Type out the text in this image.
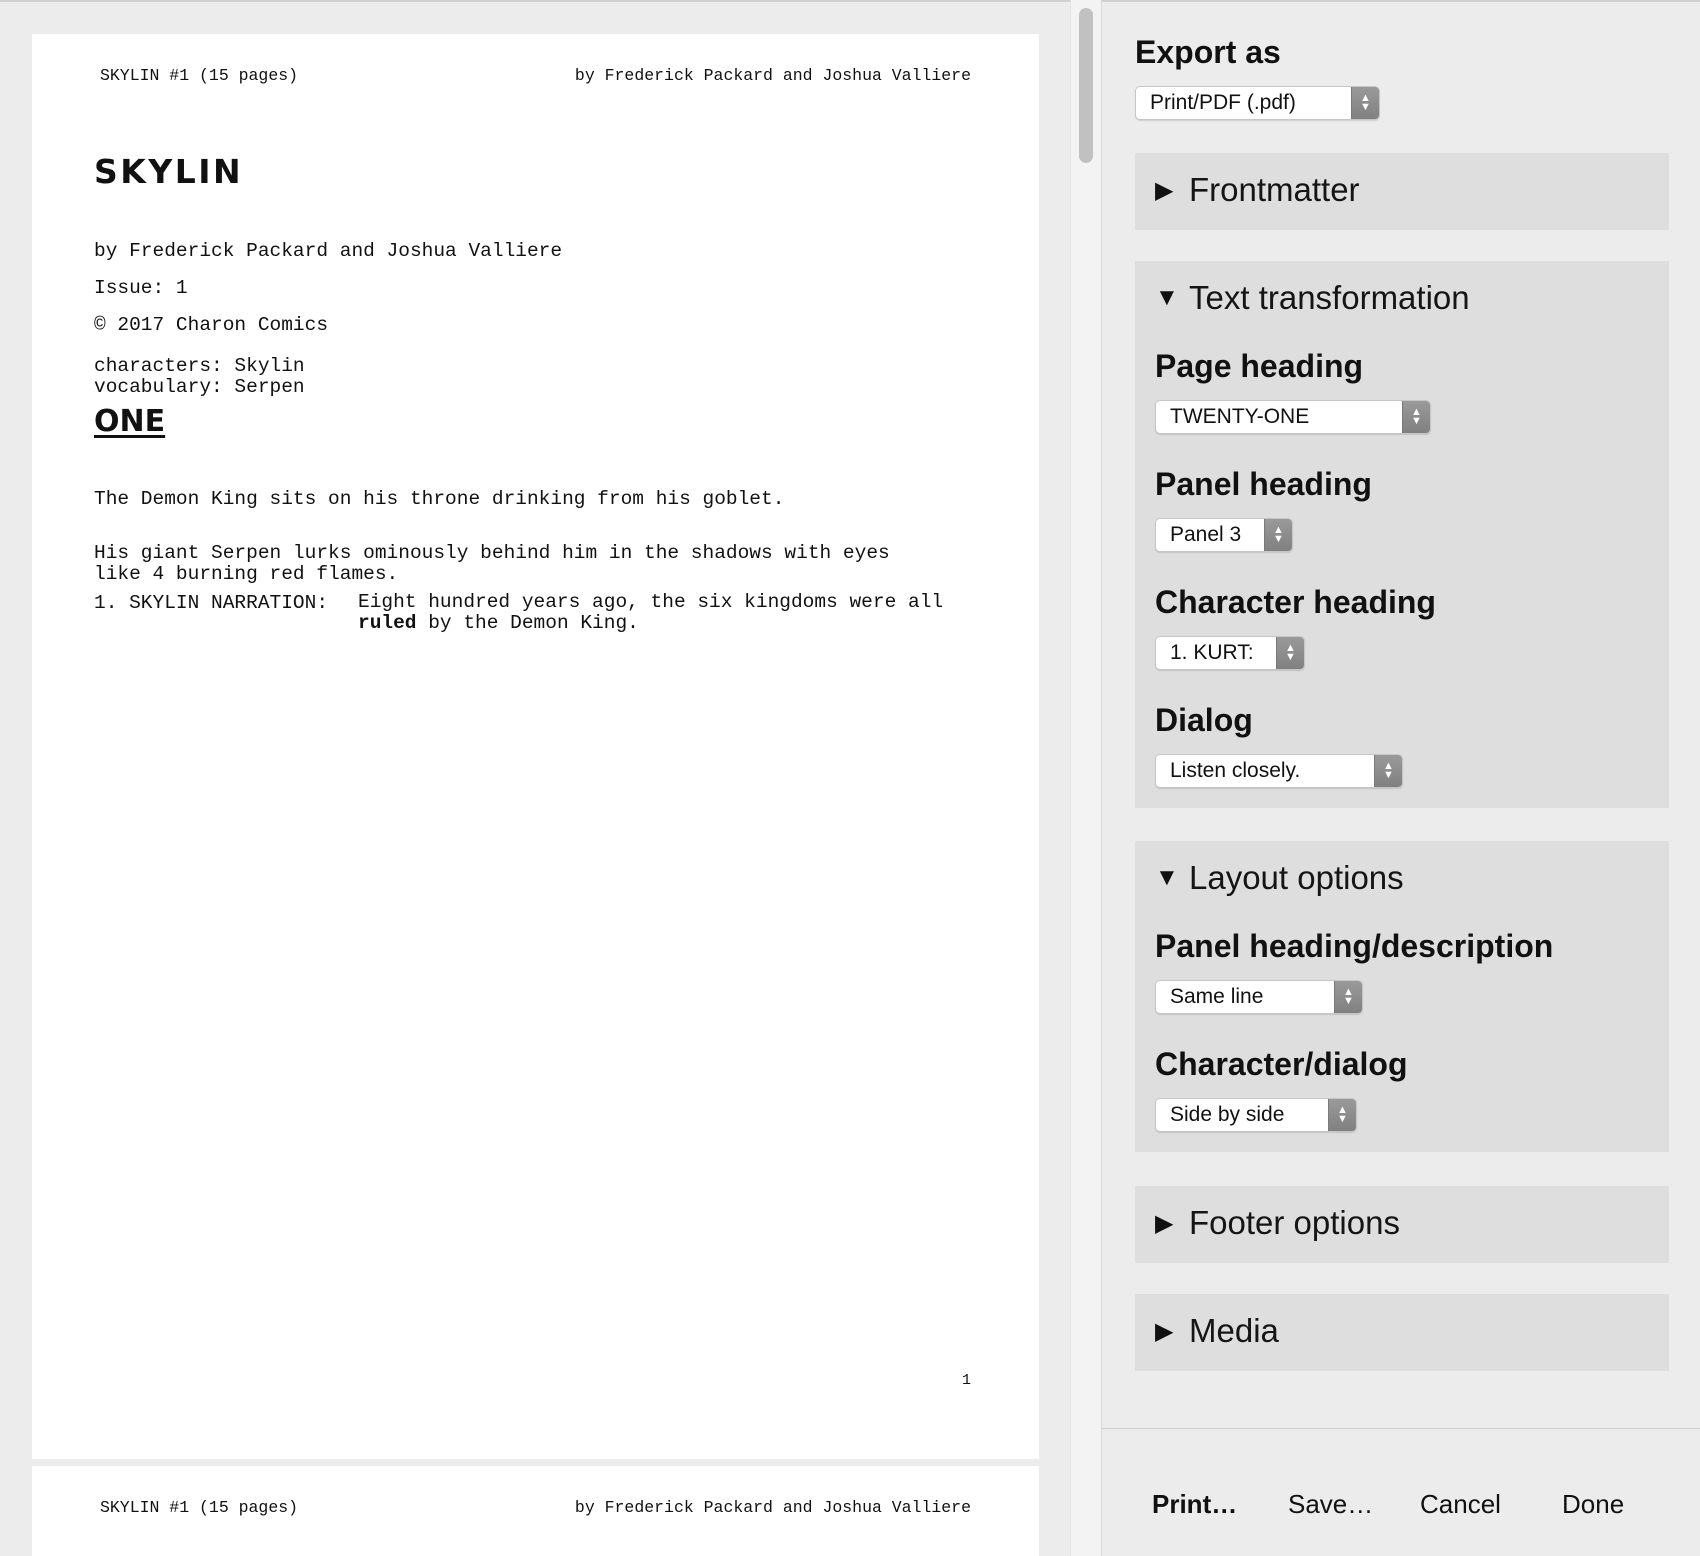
SKYLIN #1 (15 pages)	by Frederick Packard and Joshua Valliere
SKYLIN
by Frederick Packard and Joshua Valliere
Issue: 1
© 2017 Charon Comics
characters: Skylin
vocabulary: Serpen
ONE
The Demon King sits on his throne drinking from his goblet.
His giant Serpen lurks ominously behind him in the shadows with eyes
like 4 burning red flames.
1. SKYLIN NARRATION: Eight hundred years ago, the six kingdoms were all
ruled by the Demon King.
1
SKYLIN #1 (15 pages)	by Frederick Packard and Joshua Valliere
Export as
Print/PDF (.pdf)	▲
▼
▶ Frontmatter
▼ Text transformation
Page heading
TWENTY-ONE	▲
▼
Panel heading
Panel 3	▲
▼
Character heading
1. KURT:	▲
▼
Dialog
Listen closely.	▲
▼
▼ Layout options
Panel heading/description
Same line	▲
▼
Character/dialog
Side by side	▲
▼
▶ Footer options
▶ Media
Print… Save… Cancel Done
